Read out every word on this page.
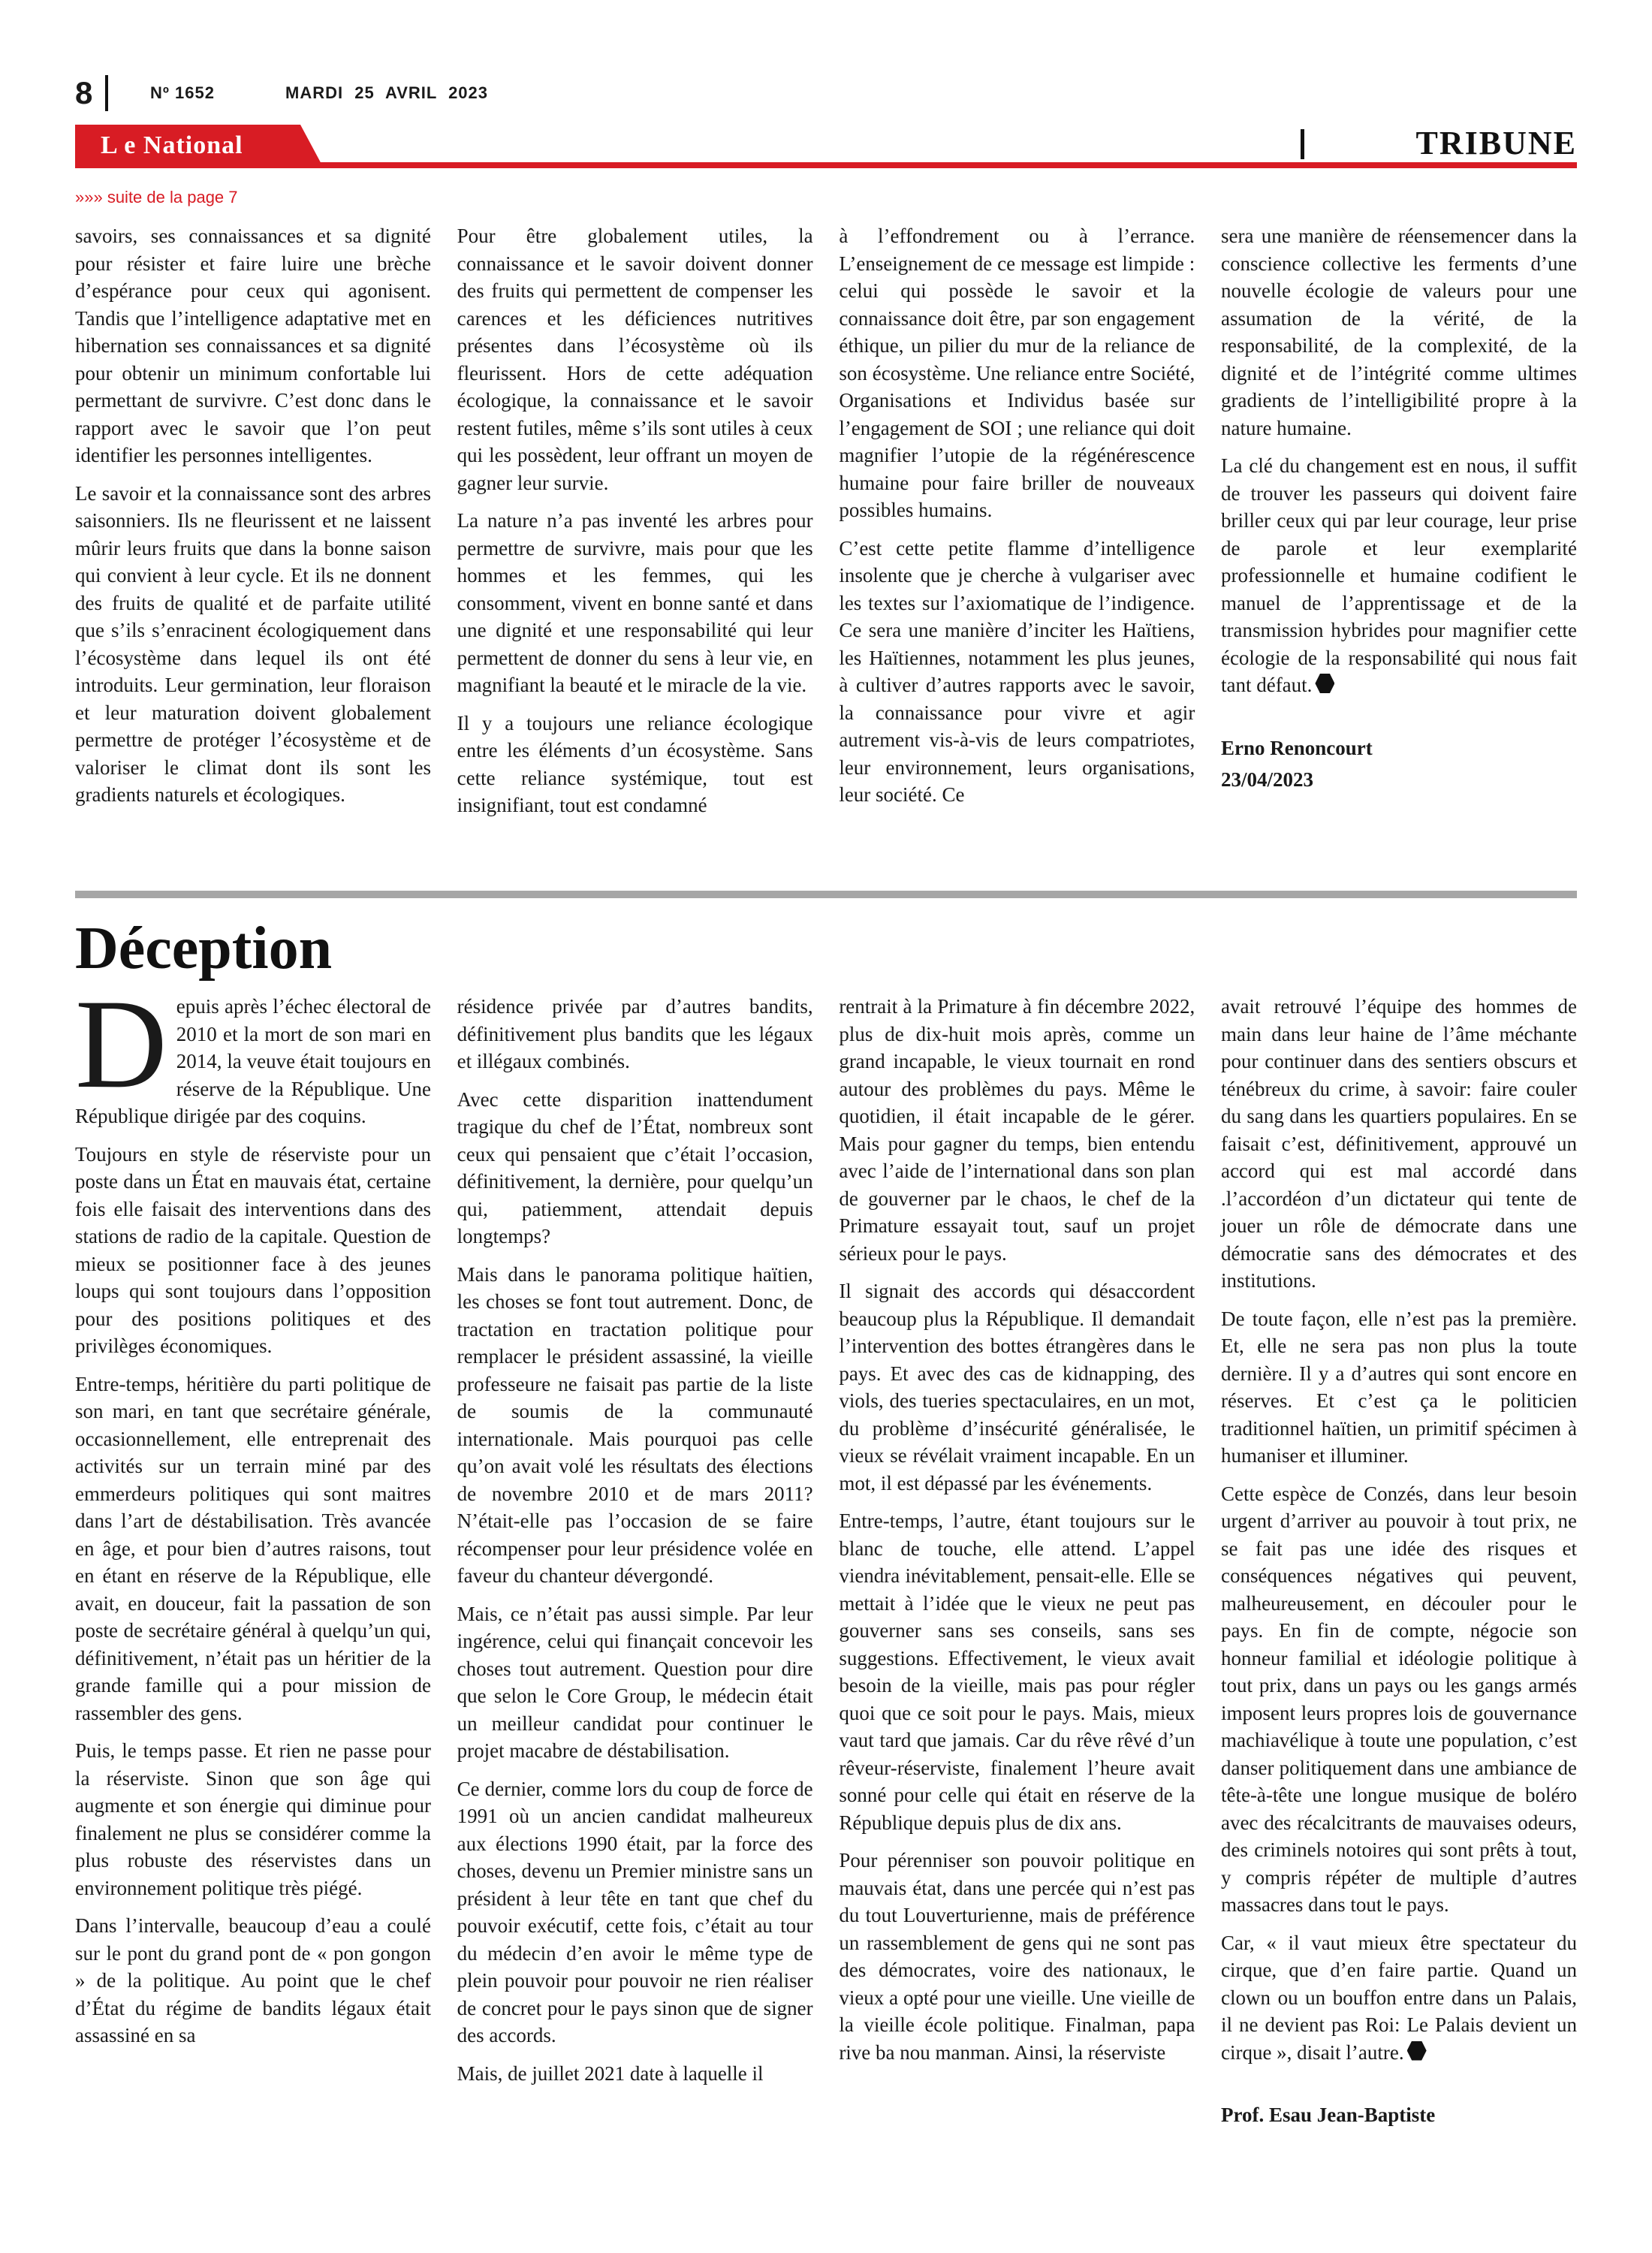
8	Nº 1652	MARDI 25 AVRIL 2023
L e National	TRIBUNE
»»» suite de la page 7

savoirs, ses connaissances et sa dignité pour résister et faire luire une brèche d’espérance pour ceux qui agonisent. Tandis que l’intelligence adaptative met en hibernation ses connaissances et sa dignité pour obtenir un minimum confortable lui permettant de survivre. C’est donc dans le rapport avec le savoir que l’on peut identifier les personnes intelligentes.

Le savoir et la connaissance sont des arbres saisonniers. Ils ne fleurissent et ne laissent mûrir leurs fruits que dans la bonne saison qui convient à leur cycle. Et ils ne donnent des fruits de qualité et de parfaite utilité que s’ils s’enracinent écologiquement dans l’écosystème dans lequel ils ont été introduits. Leur germination, leur floraison et leur maturation doivent globalement permettre de protéger l’écosystème et de valoriser le climat dont ils sont les gradients naturels et écologiques.

Pour être globalement utiles, la connaissance et le savoir doivent donner des fruits qui permettent de compenser les carences et les déficiences nutritives présentes dans l’écosystème où ils fleurissent. Hors de cette adéquation écologique, la connaissance et le savoir restent futiles, même s’ils sont utiles à ceux qui les possèdent, leur offrant un moyen de gagner leur survie.

La nature n’a pas inventé les arbres pour permettre de survivre, mais pour que les hommes et les femmes, qui les consomment, vivent en bonne santé et dans une dignité et une responsabilité qui leur permettent de donner du sens à leur vie, en magnifiant la beauté et le miracle de la vie.

Il y a toujours une reliance écologique entre les éléments d’un écosystème. Sans cette reliance systémique, tout est insignifiant, tout est condamné

à l’effondrement ou à l’errance. L’enseignement de ce message est limpide : celui qui possède le savoir et la connaissance doit être, par son engagement éthique, un pilier du mur de la reliance de son écosystème. Une reliance entre Société, Organisations et Individus basée sur l’engagement de SOI ; une reliance qui doit magnifier l’utopie de la régénérescence humaine pour faire briller de nouveaux possibles humains.

C’est cette petite flamme d’intelligence insolente que je cherche à vulgariser avec les textes sur l’axiomatique de l’indigence. Ce sera une manière d’inciter les Haïtiens, les Haïtiennes, notamment les plus jeunes, à cultiver d’autres rapports avec le savoir, la connaissance pour vivre et agir autrement vis-à-vis de leurs compatriotes, leur environnement, leurs organisations, leur société. Ce

sera une manière de réensemencer dans la conscience collective les ferments d’une nouvelle écologie de valeurs pour une assumation de la vérité, de la responsabilité, de la complexité, de la dignité et de l’intégrité comme ultimes gradients de l’intelligibilité propre à la nature humaine.

La clé du changement est en nous, il suffit de trouver les passeurs qui doivent faire briller ceux qui par leur courage, leur prise de parole et leur exemplarité professionnelle et humaine codifient le manuel de l’apprentissage et de la transmission hybrides pour magnifier cette écologie de la responsabilité qui nous fait tant défaut.

Erno Renoncourt
23/04/2023
Déception

Depuis après l’échec électoral de 2010 et la mort de son mari en 2014, la veuve était toujours en réserve de la République. Une République dirigée par des coquins.

Toujours en style de réserviste pour un poste dans un État en mauvais état, certaine fois elle faisait des interventions dans des stations de radio de la capitale. Question de mieux se positionner face à des jeunes loups qui sont toujours dans l’opposition pour des positions politiques et des privilèges économiques.

Entre-temps, héritière du parti politique de son mari, en tant que secrétaire générale, occasionnellement, elle entreprenait des activités sur un terrain miné par des emmerdeurs politiques qui sont maitres dans l’art de déstabilisation. Très avancée en âge, et pour bien d’autres raisons, tout en étant en réserve de la République, elle avait, en douceur, fait la passation de son poste de secrétaire général à quelqu’un qui, définitivement, n’était pas un héritier de la grande famille qui a pour mission de rassembler des gens.

Puis, le temps passe. Et rien ne passe pour la réserviste. Sinon que son âge qui augmente et son énergie qui diminue pour finalement ne plus se considérer comme la plus robuste des réservistes dans un environnement politique très piégé.

Dans l’intervalle, beaucoup d’eau a coulé sur le pont du grand pont de « pon gongon » de la politique. Au point que le chef d’État du régime de bandits légaux était assassiné en sa

résidence privée par d’autres bandits, définitivement plus bandits que les légaux et illégaux combinés.

Avec cette disparition inattendument tragique du chef de l’État, nombreux sont ceux qui pensaient que c’était l’occasion, définitivement, la dernière, pour quelqu’un qui, patiemment, attendait depuis longtemps?

Mais dans le panorama politique haïtien, les choses se font tout autrement. Donc, de tractation en tractation politique pour remplacer le président assassiné, la vieille professeure ne faisait pas partie de la liste de soumis de la communauté internationale. Mais pourquoi pas celle qu’on avait volé les résultats des élections de novembre 2010 et de mars 2011? N’était-elle pas l’occasion de se faire récompenser pour leur présidence volée en faveur du chanteur dévergondé.

Mais, ce n’était pas aussi simple. Par leur ingérence, celui qui finançait concevoir les choses tout autrement. Question pour dire que selon le Core Group, le médecin était un meilleur candidat pour continuer le projet macabre de déstabilisation.

Ce dernier, comme lors du coup de force de 1991 où un ancien candidat malheureux aux élections 1990 était, par la force des choses, devenu un Premier ministre sans un président à leur tête en tant que chef du pouvoir exécutif, cette fois, c’était au tour du médecin d’en avoir le même type de plein pouvoir pour pouvoir ne rien réaliser de concret pour le pays sinon que de signer des accords.

Mais, de juillet 2021 date à laquelle il

rentrait à la Primature à fin décembre 2022, plus de dix-huit mois après, comme un grand incapable, le vieux tournait en rond autour des problèmes du pays. Même le quotidien, il était incapable de le gérer. Mais pour gagner du temps, bien entendu avec l’aide de l’international dans son plan de gouverner par le chaos, le chef de la Primature essayait tout, sauf un projet sérieux pour le pays.

Il signait des accords qui désaccordent beaucoup plus la République. Il demandait l’intervention des bottes étrangères dans le pays. Et avec des cas de kidnapping, des viols, des tueries spectaculaires, en un mot, du problème d’insécurité généralisée, le vieux se révélait vraiment incapable. En un mot, il est dépassé par les événements.

Entre-temps, l’autre, étant toujours sur le blanc de touche, elle attend. L’appel viendra inévitablement, pensait-elle. Elle se mettait à l’idée que le vieux ne peut pas gouverner sans ses conseils, sans ses suggestions. Effectivement, le vieux avait besoin de la vieille, mais pas pour régler quoi que ce soit pour le pays. Mais, mieux vaut tard que jamais. Car du rêve rêvé d’un rêveur-réserviste, finalement l’heure avait sonné pour celle qui était en réserve de la République depuis plus de dix ans.

Pour pérenniser son pouvoir politique en mauvais état, dans une percée qui n’est pas du tout Louverturienne, mais de préférence un rassemblement de gens qui ne sont pas des démocrates, voire des nationaux, le vieux a opté pour une vieille. Une vieille de la vieille école politique. Finalman, papa rive ba nou manman. Ainsi, la réserviste

avait retrouvé l’équipe des hommes de main dans leur haine de l’âme méchante pour continuer dans des sentiers obscurs et ténébreux du crime, à savoir: faire couler du sang dans les quartiers populaires. En se faisait c’est, définitivement, approuvé un accord qui est mal accordé dans .l’accordéon d’un dictateur qui tente de jouer un rôle de démocrate dans une démocratie sans des démocrates et des institutions.

De toute façon, elle n’est pas la première. Et, elle ne sera pas non plus la toute dernière. Il y a d’autres qui sont encore en réserves. Et c’est ça le politicien traditionnel haïtien, un primitif spécimen à humaniser et illuminer.

Cette espèce de Conzés, dans leur besoin urgent d’arriver au pouvoir à tout prix, ne se fait pas une idée des risques et conséquences négatives qui peuvent, malheureusement, en découler pour le pays. En fin de compte, négocie son honneur familial et idéologie politique à tout prix, dans un pays ou les gangs armés imposent leurs propres lois de gouvernance machiavélique à toute une population, c’est danser politiquement dans une ambiance de tête-à-tête une longue musique de boléro avec des récalcitrants de mauvaises odeurs, des criminels notoires qui sont prêts à tout, y compris répéter de multiple d’autres massacres dans tout le pays.

Car, « il vaut mieux être spectateur du cirque, que d’en faire partie. Quand un clown ou un bouffon entre dans un Palais, il ne devient pas Roi: Le Palais devient un cirque », disait l’autre.

Prof. Esau Jean-Baptiste
